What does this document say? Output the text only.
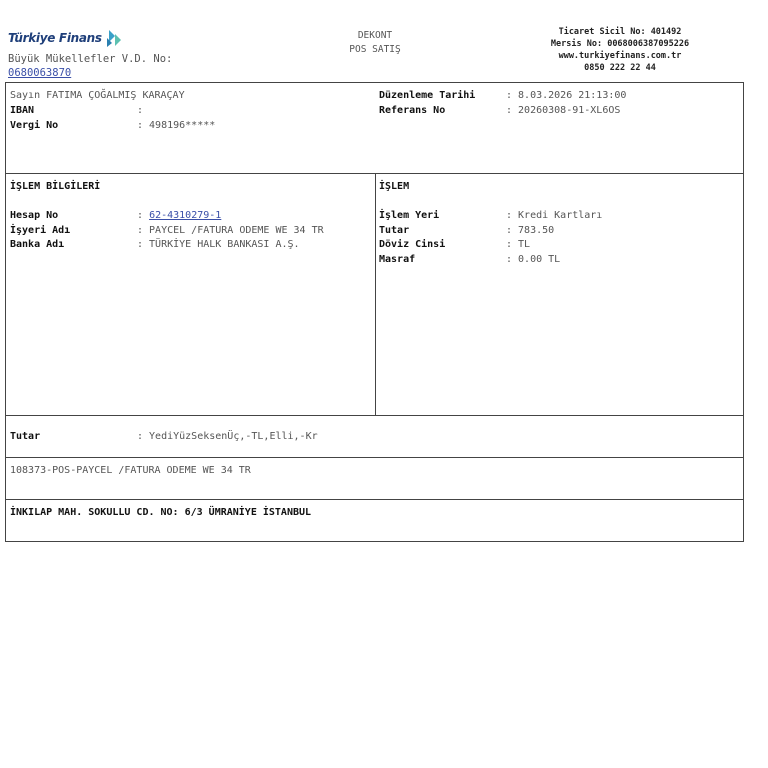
Türkiye Finans
Büyük Mükellefler V.D. No:
0680063870
DEKONT
POS SATIŞ
Ticaret Sicil No: 401492
Mersis No: 0068006387095226
www.turkiyefinans.com.tr
0850 222 22 44
Sayın FATIMA ÇOĞALMIŞ KARAÇAY
IBAN	:
Vergi No	: 498196*****
Düzenleme Tarihi	: 8.03.2026 21:13:00
Referans No	: 20260308-91-XL6OS
İŞLEM BİLGİLERİ
Hesap No	: 62-4310279-1
İşyeri Adı	: PAYCEL /FATURA ODEME WE 34 TR
Banka Adı	: TÜRKİYE HALK BANKASI A.Ş.
İŞLEM
İşlem Yeri	: Kredi Kartları
Tutar	: 783.50
Döviz Cinsi	: TL
Masraf	: 0.00 TL
Tutar	: YediYüzSeksenÜç,-TL,Elli,-Kr
108373-POS-PAYCEL /FATURA ODEME WE 34 TR
İNKILAP MAH. SOKULLU CD. NO: 6/3 ÜMRANİYE İSTANBUL
